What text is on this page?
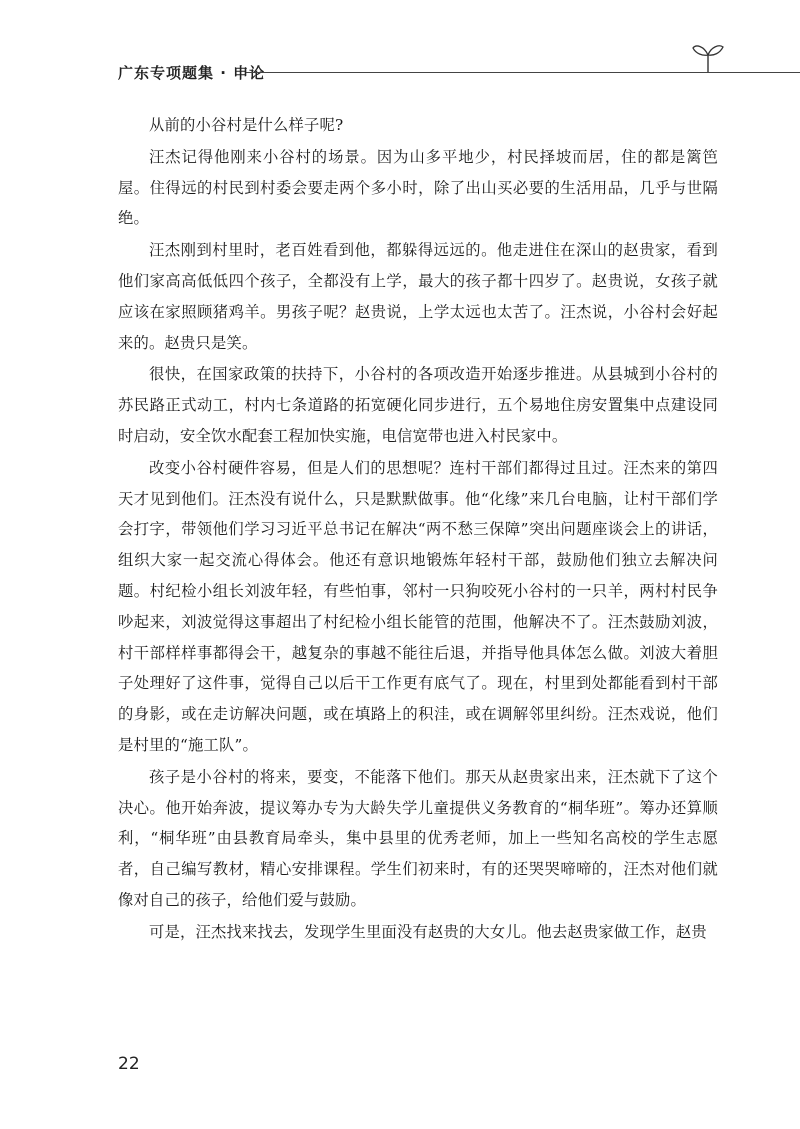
广东专项题集 · 申论

从前的小谷村是什么样子呢?

汪杰记得他刚来小谷村的场景。因为山多平地少，村民择坡而居，住的都是篱笆屋。住得远的村民到村委会要走两个多小时，除了出山买必要的生活用品，几乎与世隔绝。

汪杰刚到村里时，老百姓看到他，都躲得远远的。他走进住在深山的赵贵家，看到他们家高高低低四个孩子，全都没有上学，最大的孩子都十四岁了。赵贵说，女孩子就应该在家照顾猪鸡羊。男孩子呢？赵贵说，上学太远也太苦了。汪杰说，小谷村会好起来的。赵贵只是笑。

很快，在国家政策的扶持下，小谷村的各项改造开始逐步推进。从县城到小谷村的苏民路正式动工，村内七条道路的拓宽硬化同步进行，五个易地住房安置集中点建设同时启动，安全饮水配套工程加快实施，电信宽带也进入村民家中。

改变小谷村硬件容易，但是人们的思想呢？连村干部们都得过且过。汪杰来的第四天才见到他们。汪杰没有说什么，只是默默做事。他“化缘”来几台电脑，让村干部们学会打字，带领他们学习习近平总书记在解决“两不愁三保障”突出问题座谈会上的讲话，组织大家一起交流心得体会。他还有意识地锻炼年轻村干部，鼓励他们独立去解决问题。村纪检小组长刘波年轻，有些怕事，邻村一只狗咬死小谷村的一只羊，两村村民争吵起来，刘波觉得这事超出了村纪检小组长能管的范围，他解决不了。汪杰鼓励刘波，村干部样样事都得会干，越复杂的事越不能往后退，并指导他具体怎么做。刘波大着胆子处理好了这件事，觉得自己以后干工作更有底气了。现在，村里到处都能看到村干部的身影，或在走访解决问题，或在填路上的积洼，或在调解邻里纠纷。汪杰戏说，他们是村里的“施工队”。

孩子是小谷村的将来，要变，不能落下他们。那天从赵贵家出来，汪杰就下了这个决心。他开始奔波，提议筹办专为大龄失学儿童提供义务教育的“桐华班”。筹办还算顺利，“桐华班”由县教育局牵头，集中县里的优秀老师，加上一些知名高校的学生志愿者，自己编写教材，精心安排课程。学生们初来时，有的还哭哭啼啼的，汪杰对他们就像对自己的孩子，给他们爱与鼓励。

可是，汪杰找来找去，发现学生里面没有赵贵的大女儿。他去赵贵家做工作，赵贵

22
